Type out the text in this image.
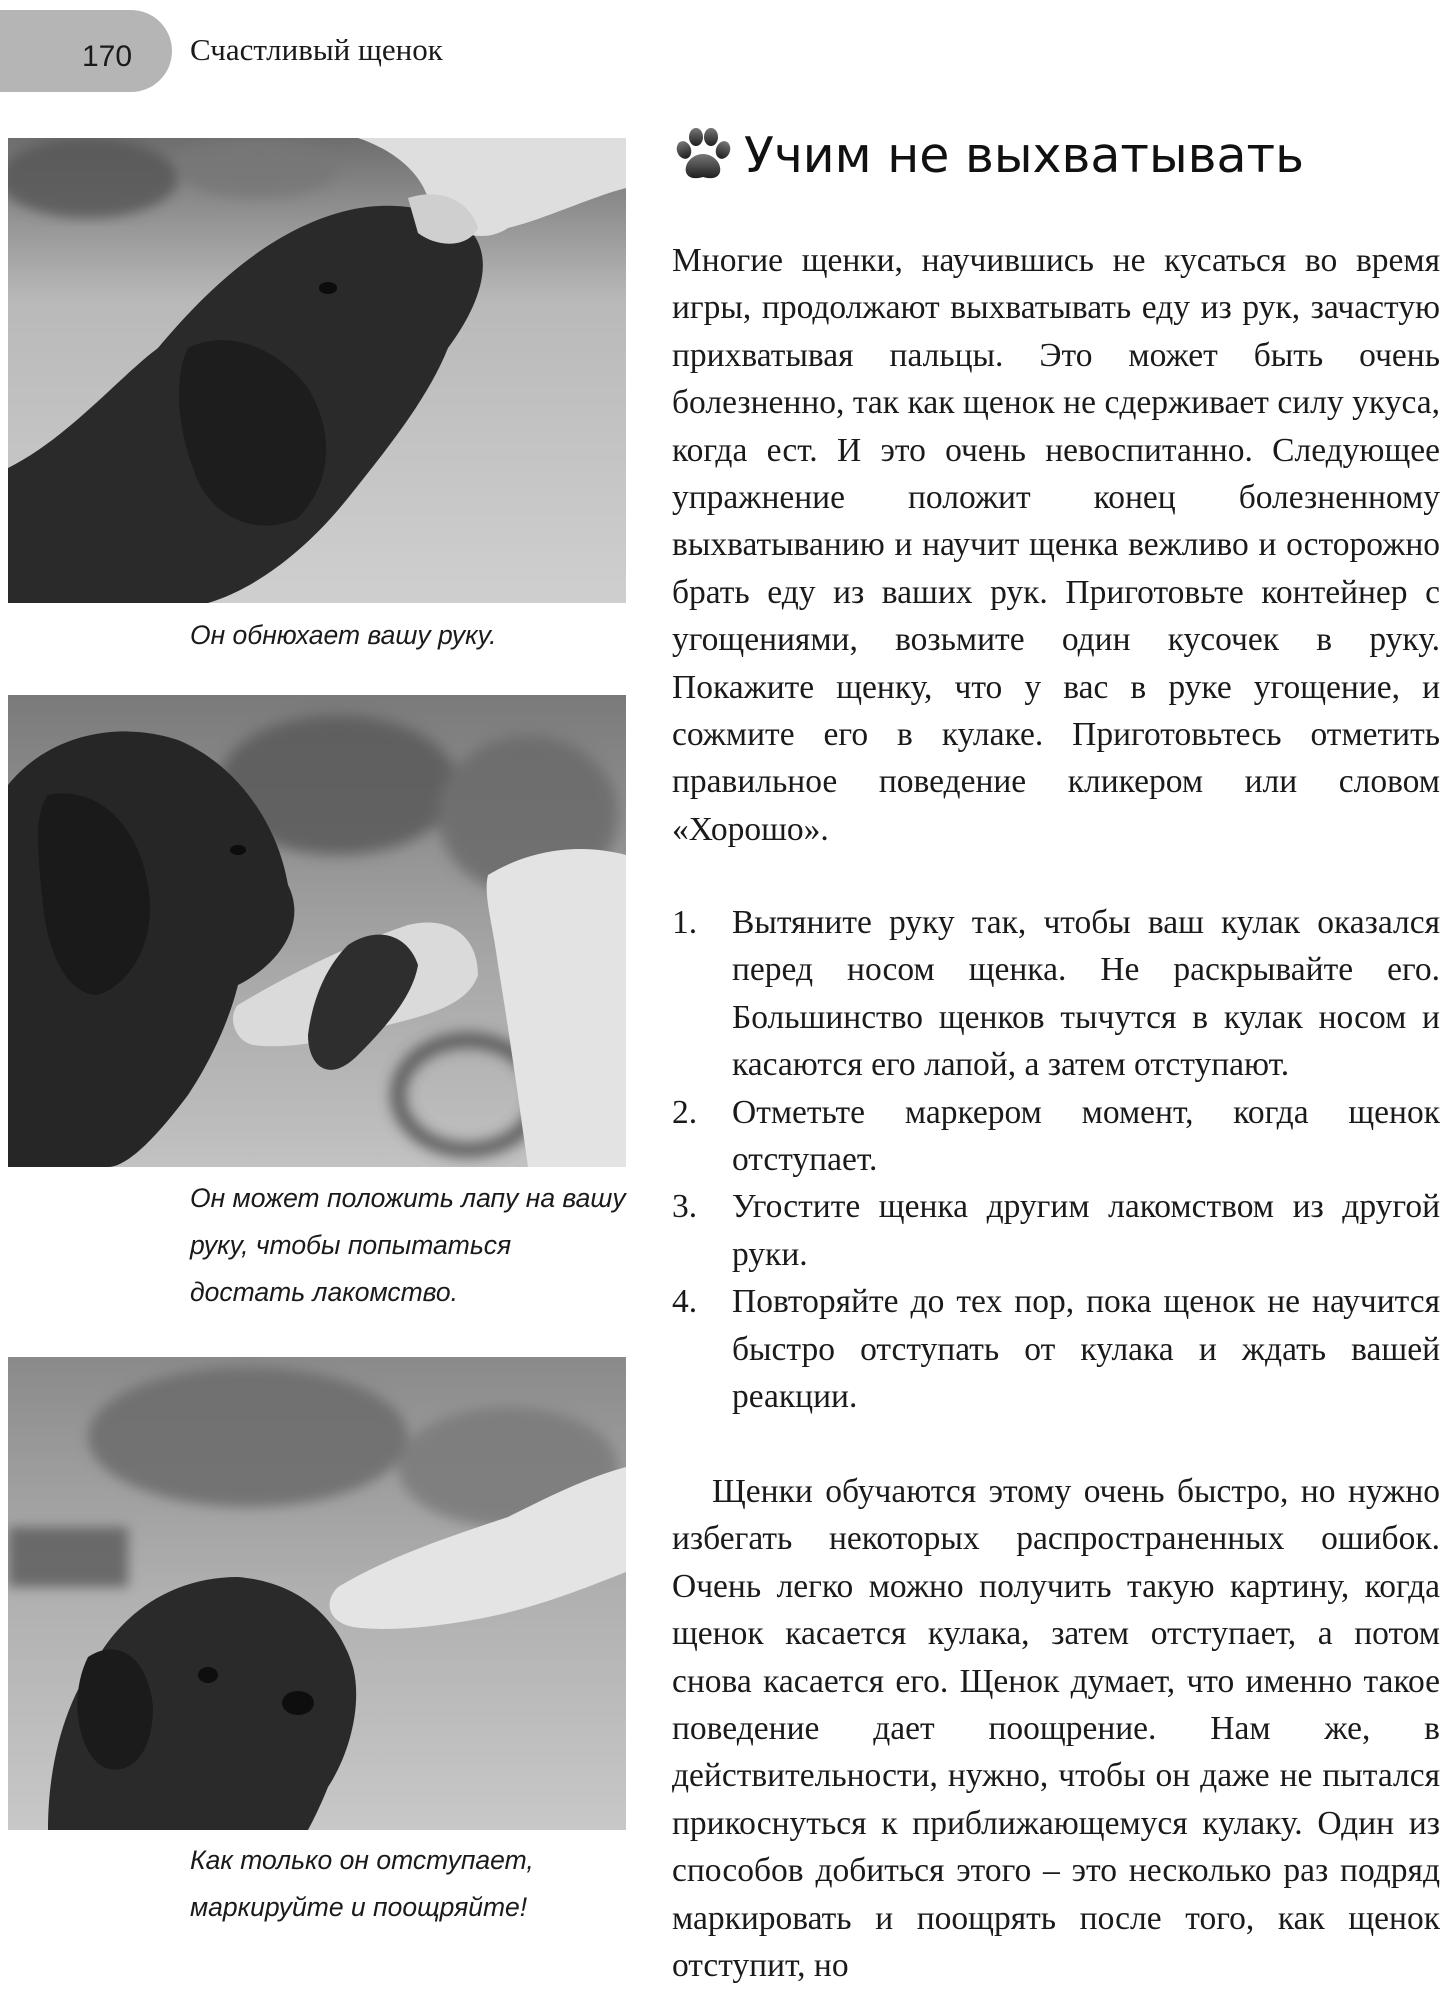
170 Счастливый щенок
Он обнюхает вашу руку.
Он может положить лапу на вашу руку, чтобы попытаться достать лакомство.
Как только он отступает, маркируйте и поощряйте!
Учим не выхватывать

Многие щенки, научившись не кусаться во время игры, продолжают выхватывать еду из рук, зачастую прихватывая пальцы. Это может быть очень болезненно, так как щенок не сдерживает силу укуса, когда ест. И это очень невоспитанно. Следующее упражнение положит конец болезненному выхватыванию и научит щенка вежливо и осторожно брать еду из ваших рук. Приготовьте контейнер с угощениями, возьмите один кусочек в руку. Покажите щенку, что у вас в руке угощение, и сожмите его в кулаке. Приготовьтесь отметить правильное поведение кликером или словом «Хорошо».

1. Вытяните руку так, чтобы ваш кулак оказался перед носом щенка. Не раскрывайте его. Большинство щенков тычутся в кулак носом и касаются его лапой, а затем отступают.
2. Отметьте маркером момент, когда щенок отступает.
3. Угостите щенка другим лакомством из другой руки.
4. Повторяйте до тех пор, пока щенок не научится быстро отступать от кулака и ждать вашей реакции.

Щенки обучаются этому очень быстро, но нужно избегать некоторых распространенных ошибок. Очень легко можно получить такую картину, когда щенок касается кулака, затем отступает, а потом снова касается его. Щенок думает, что именно такое поведение дает поощрение. Нам же, в действительности, нужно, чтобы он даже не пытался прикоснуться к приближающемуся кулаку. Один из способов добиться этого – это несколько раз подряд маркировать и поощрять после того, как щенок отступит, но
